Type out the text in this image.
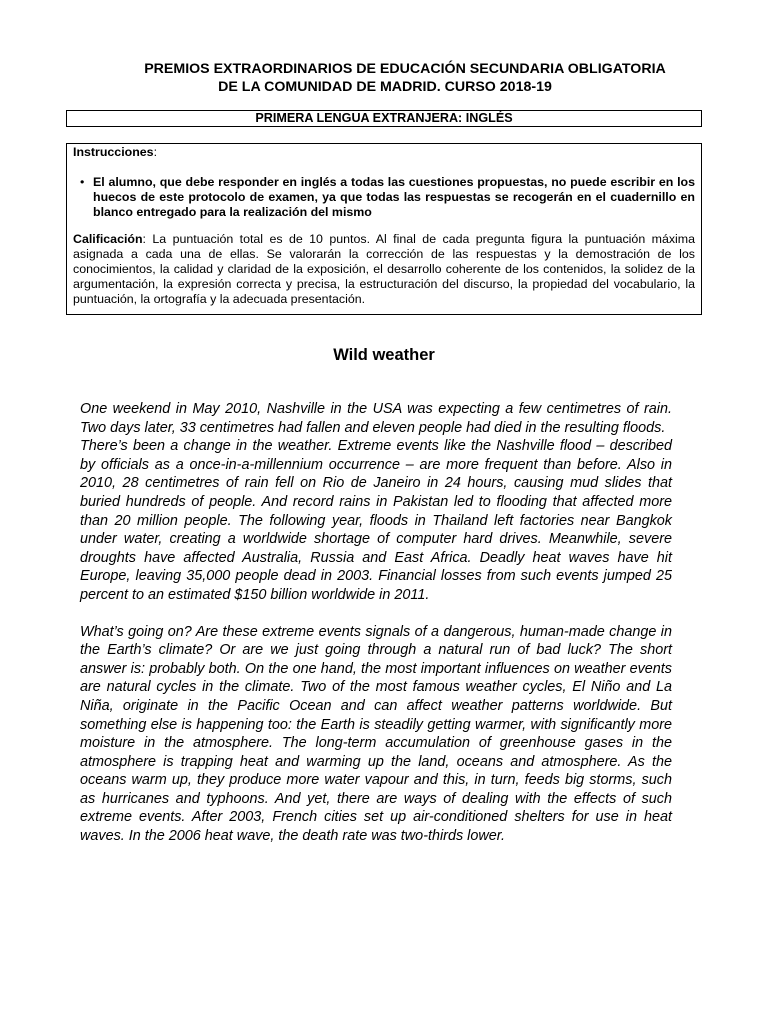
PREMIOS EXTRAORDINARIOS DE EDUCACIÓN SECUNDARIA OBLIGATORIA
DE LA COMUNIDAD DE MADRID. CURSO 2018-19
PRIMERA LENGUA EXTRANJERA: INGLÉS
Instrucciones:
• El alumno, que debe responder en inglés a todas las cuestiones propuestas, no puede escribir en los huecos de este protocolo de examen, ya que todas las respuestas se recogerán en el cuadernillo en blanco entregado para la realización del mismo
Calificación: La puntuación total es de 10 puntos. Al final de cada pregunta figura la puntuación máxima asignada a cada una de ellas. Se valorarán la corrección de las respuestas y la demostración de los conocimientos, la calidad y claridad de la exposición, el desarrollo coherente de los contenidos, la solidez de la argumentación, la expresión correcta y precisa, la estructuración del discurso, la propiedad del vocabulario, la puntuación, la ortografía y la adecuada presentación.
Wild weather

One weekend in May 2010, Nashville in the USA was expecting a few centimetres of rain. Two days later, 33 centimetres had fallen and eleven people had died in the resulting floods.

There’s been a change in the weather. Extreme events like the Nashville flood – described by officials as a once-in-a-millennium occurrence – are more frequent than before. Also in 2010, 28 centimetres of rain fell on Rio de Janeiro in 24 hours, causing mud slides that buried hundreds of people. And record rains in Pakistan led to flooding that affected more than 20 million people. The following year, floods in Thailand left factories near Bangkok under water, creating a worldwide shortage of computer hard drives. Meanwhile, severe droughts have affected Australia, Russia and East Africa. Deadly heat waves have hit Europe, leaving 35,000 people dead in 2003. Financial losses from such events jumped 25 percent to an estimated $150 billion worldwide in 2011.

What’s going on? Are these extreme events signals of a dangerous, human-made change in the Earth’s climate? Or are we just going through a natural run of bad luck? The short answer is: probably both. On the one hand, the most important influences on weather events are natural cycles in the climate. Two of the most famous weather cycles, El Niño and La Niña, originate in the Pacific Ocean and can affect weather patterns worldwide. But something else is happening too: the Earth is steadily getting warmer, with significantly more moisture in the atmosphere. The long-term accumulation of greenhouse gases in the atmosphere is trapping heat and warming up the land, oceans and atmosphere. As the oceans warm up, they produce more water vapour and this, in turn, feeds big storms, such as hurricanes and typhoons. And yet, there are ways of dealing with the effects of such extreme events. After 2003, French cities set up air-conditioned shelters for use in heat waves. In the 2006 heat wave, the death rate was two-thirds lower.
